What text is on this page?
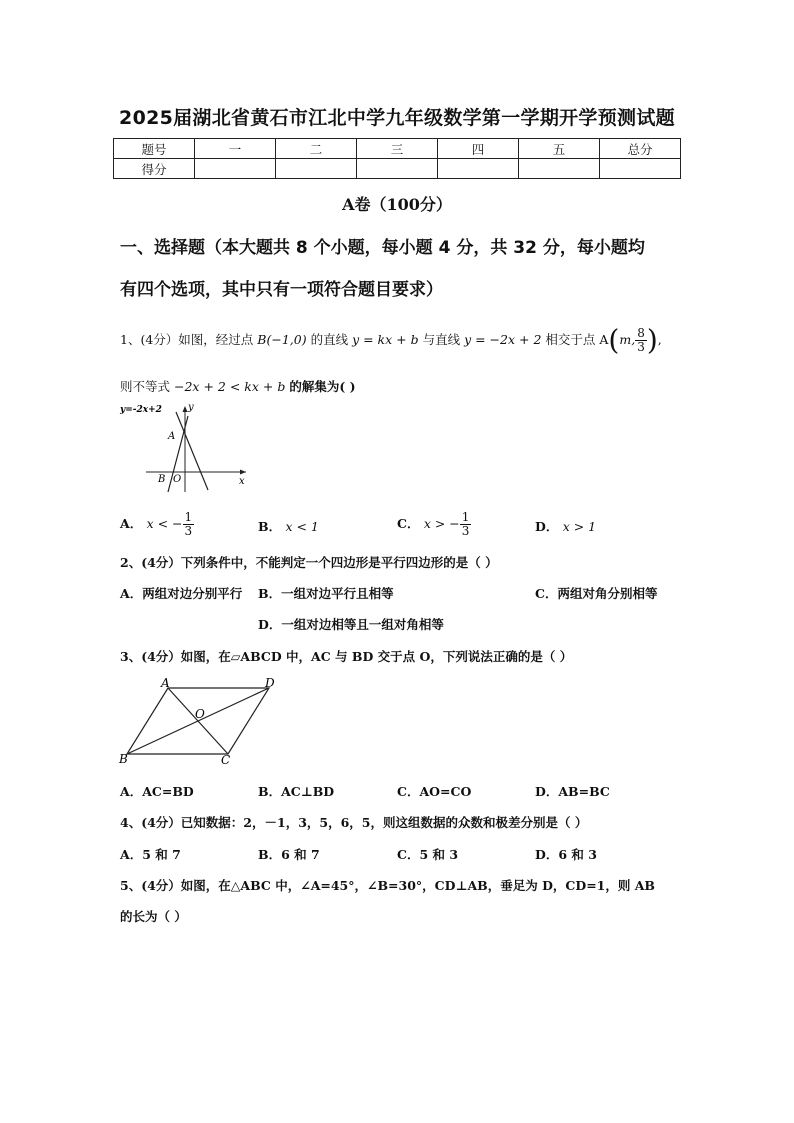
2025届湖北省黄石市江北中学九年级数学第一学期开学预测试题
题号	一	二	三	四	五	总分
得分						
A卷（100分）
一、选择题（本大题共 8 个小题，每小题 4 分，共 32 分，每小题均
有四个选项，其中只有一项符合题目要求）
1、(4分）如图，经过点 B(−1,0) 的直线 y = kx + b 与直线 y = −2x + 2 相交于点 A(m, $\frac{8}{3}$ ),
则不等式 −2x + 2 < kx + b 的解集为( )
y=-2x+2	y
x
A
B O
A． x < − $\frac{1}{3}$	B． x < 1	C． x > − $\frac{1}{3}$	D． x > 1
2、(4分）下列条件中，不能判定一个四边形是平行四边形的是（ ）
A．两组对边分别平行 B．一组对边平行且相等	C．两组对角分别相等
D．一组对边相等且一组对角相等
3、(4分）如图，在▱ABCD 中，AC 与 BD 交于点 O，下列说法正确的是（ ）
A	D
B	C
O
A．AC=BD	B．AC⊥BD	C．AO=CO	D．AB=BC
4、(4分）已知数据：2，－1，3，5，6，5，则这组数据的众数和极差分别是（ ）
A．5 和 7	B．6 和 7	C．5 和 3	D．6 和 3
5、(4分）如图，在△ABC 中，∠A=45°，∠B=30°，CD⊥AB，垂足为 D，CD=1，则 AB
的长为（ ）
